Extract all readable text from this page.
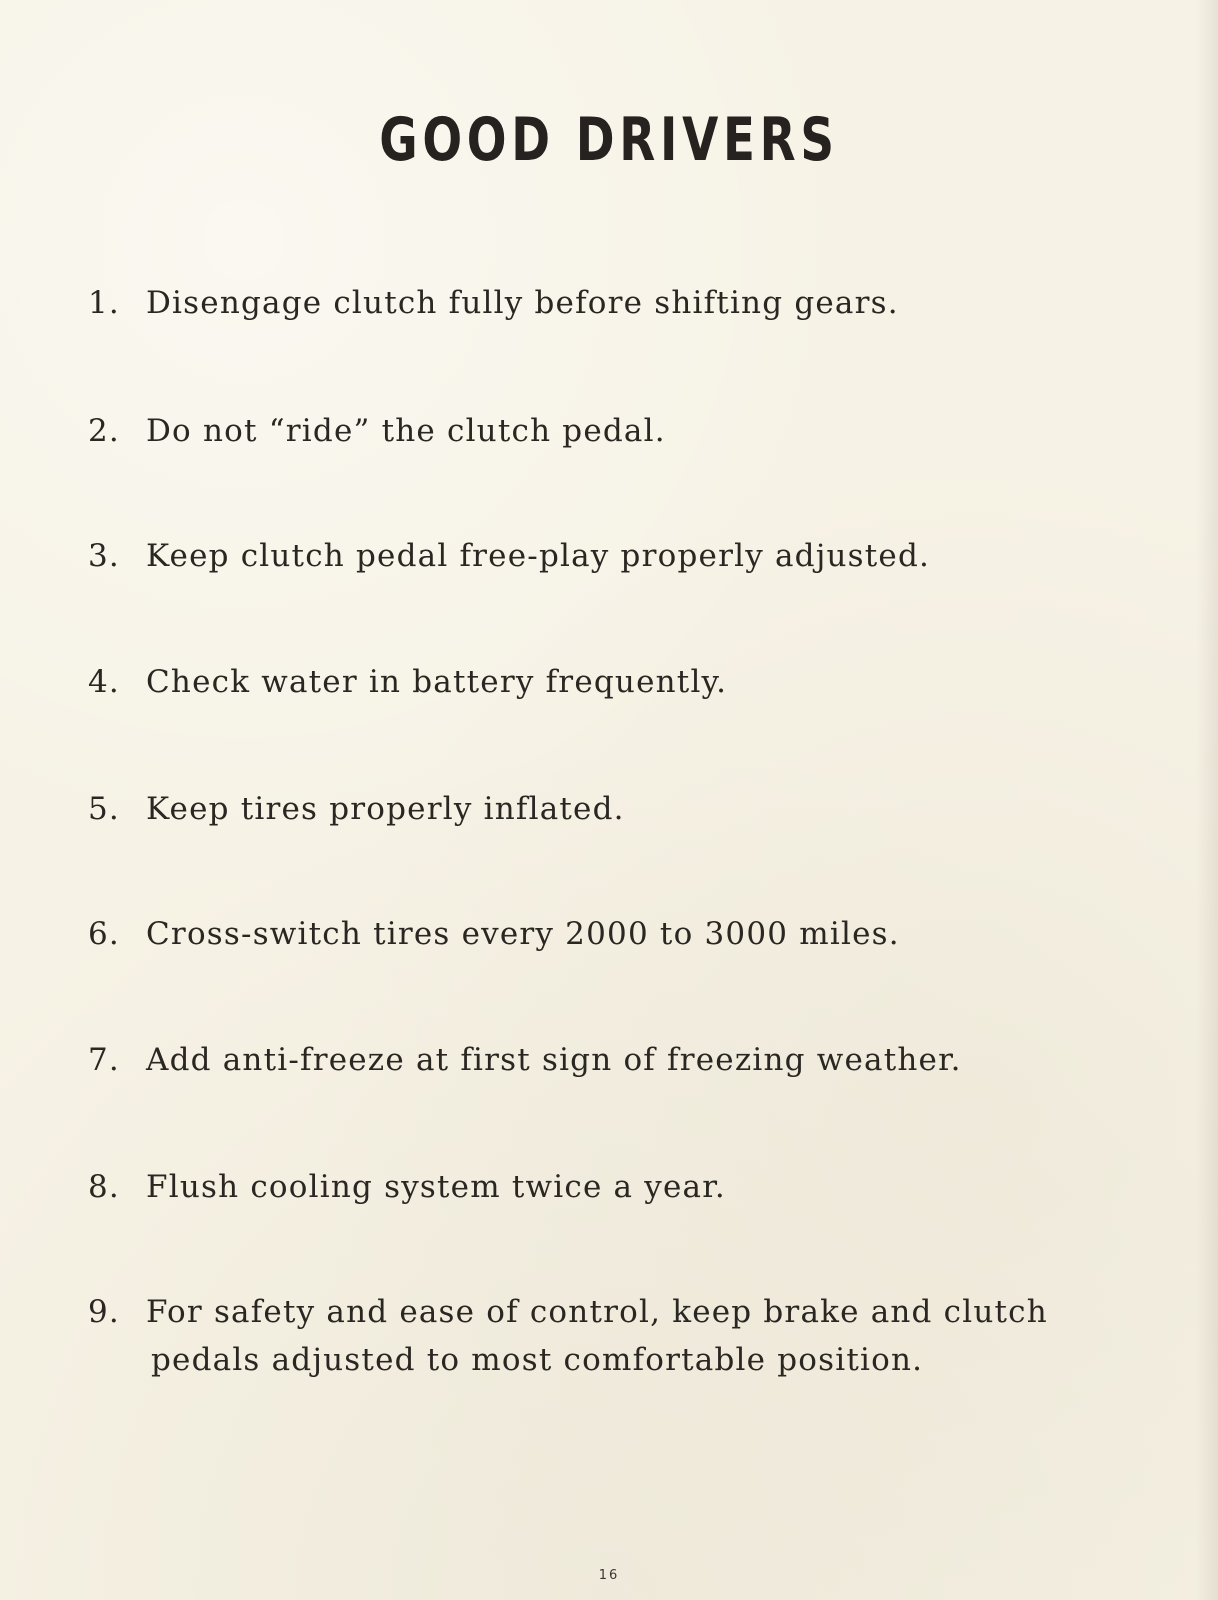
GOOD DRIVERS
1. Disengage clutch fully before shifting gears.
2. Do not “ride” the clutch pedal.
3. Keep clutch pedal free-play properly adjusted.
4. Check water in battery frequently.
5. Keep tires properly inflated.
6. Cross-switch tires every 2000 to 3000 miles.
7. Add anti-freeze at first sign of freezing weather.
8. Flush cooling system twice a year.
9. For safety and ease of control, keep brake and clutch
pedals adjusted to most comfortable position.
16
